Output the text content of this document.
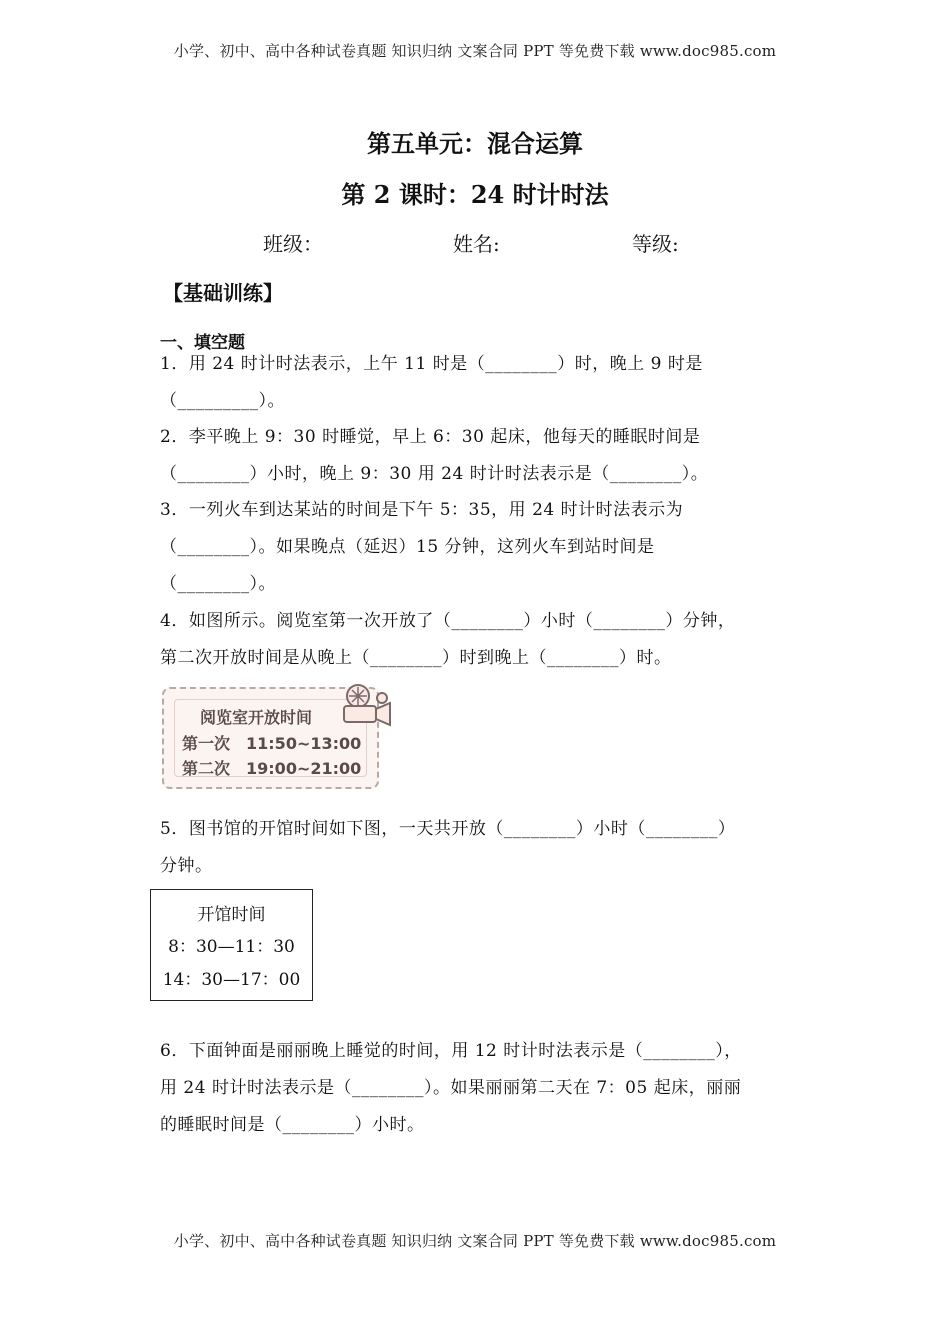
小学、初中、高中各种试卷真题 知识归纳 文案合同 PPT 等免费下载 www.doc985.com
第五单元：混合运算
第 2 课时：24 时计时法
班级：	姓名:	等级:
【基础训练】
一、填空题

1．用 24 时计时法表示，上午 11 时是（________）时，晚上 9 时是

（_________）。

2．李平晚上 9：30 时睡觉，早上 6：30 起床，他每天的睡眠时间是

（________）小时，晚上 9：30 用 24 时计时法表示是（________）。

3．一列火车到达某站的时间是下午 5：35，用 24 时计时法表示为

（________）。如果晚点（延迟）15 分钟，这列火车到站时间是

（________）。

4．如图所示。阅览室第一次开放了（________）小时（________）分钟，

第二次开放时间是从晚上（________）时到晚上（________）时。

阅览室开放时间
第一次 11:50~13:00
第二次 19:00~21:00

5．图书馆的开馆时间如下图，一天共开放（________）小时（________）

分钟。

开馆时间
8：30—11：30
14：30—17：00

6．下面钟面是丽丽晚上睡觉的时间，用 12 时计时法表示是（________），

用 24 时计时法表示是（________）。如果丽丽第二天在 7：05 起床，丽丽

的睡眠时间是（________）小时。

小学、初中、高中各种试卷真题 知识归纳 文案合同 PPT 等免费下载 www.doc985.com
